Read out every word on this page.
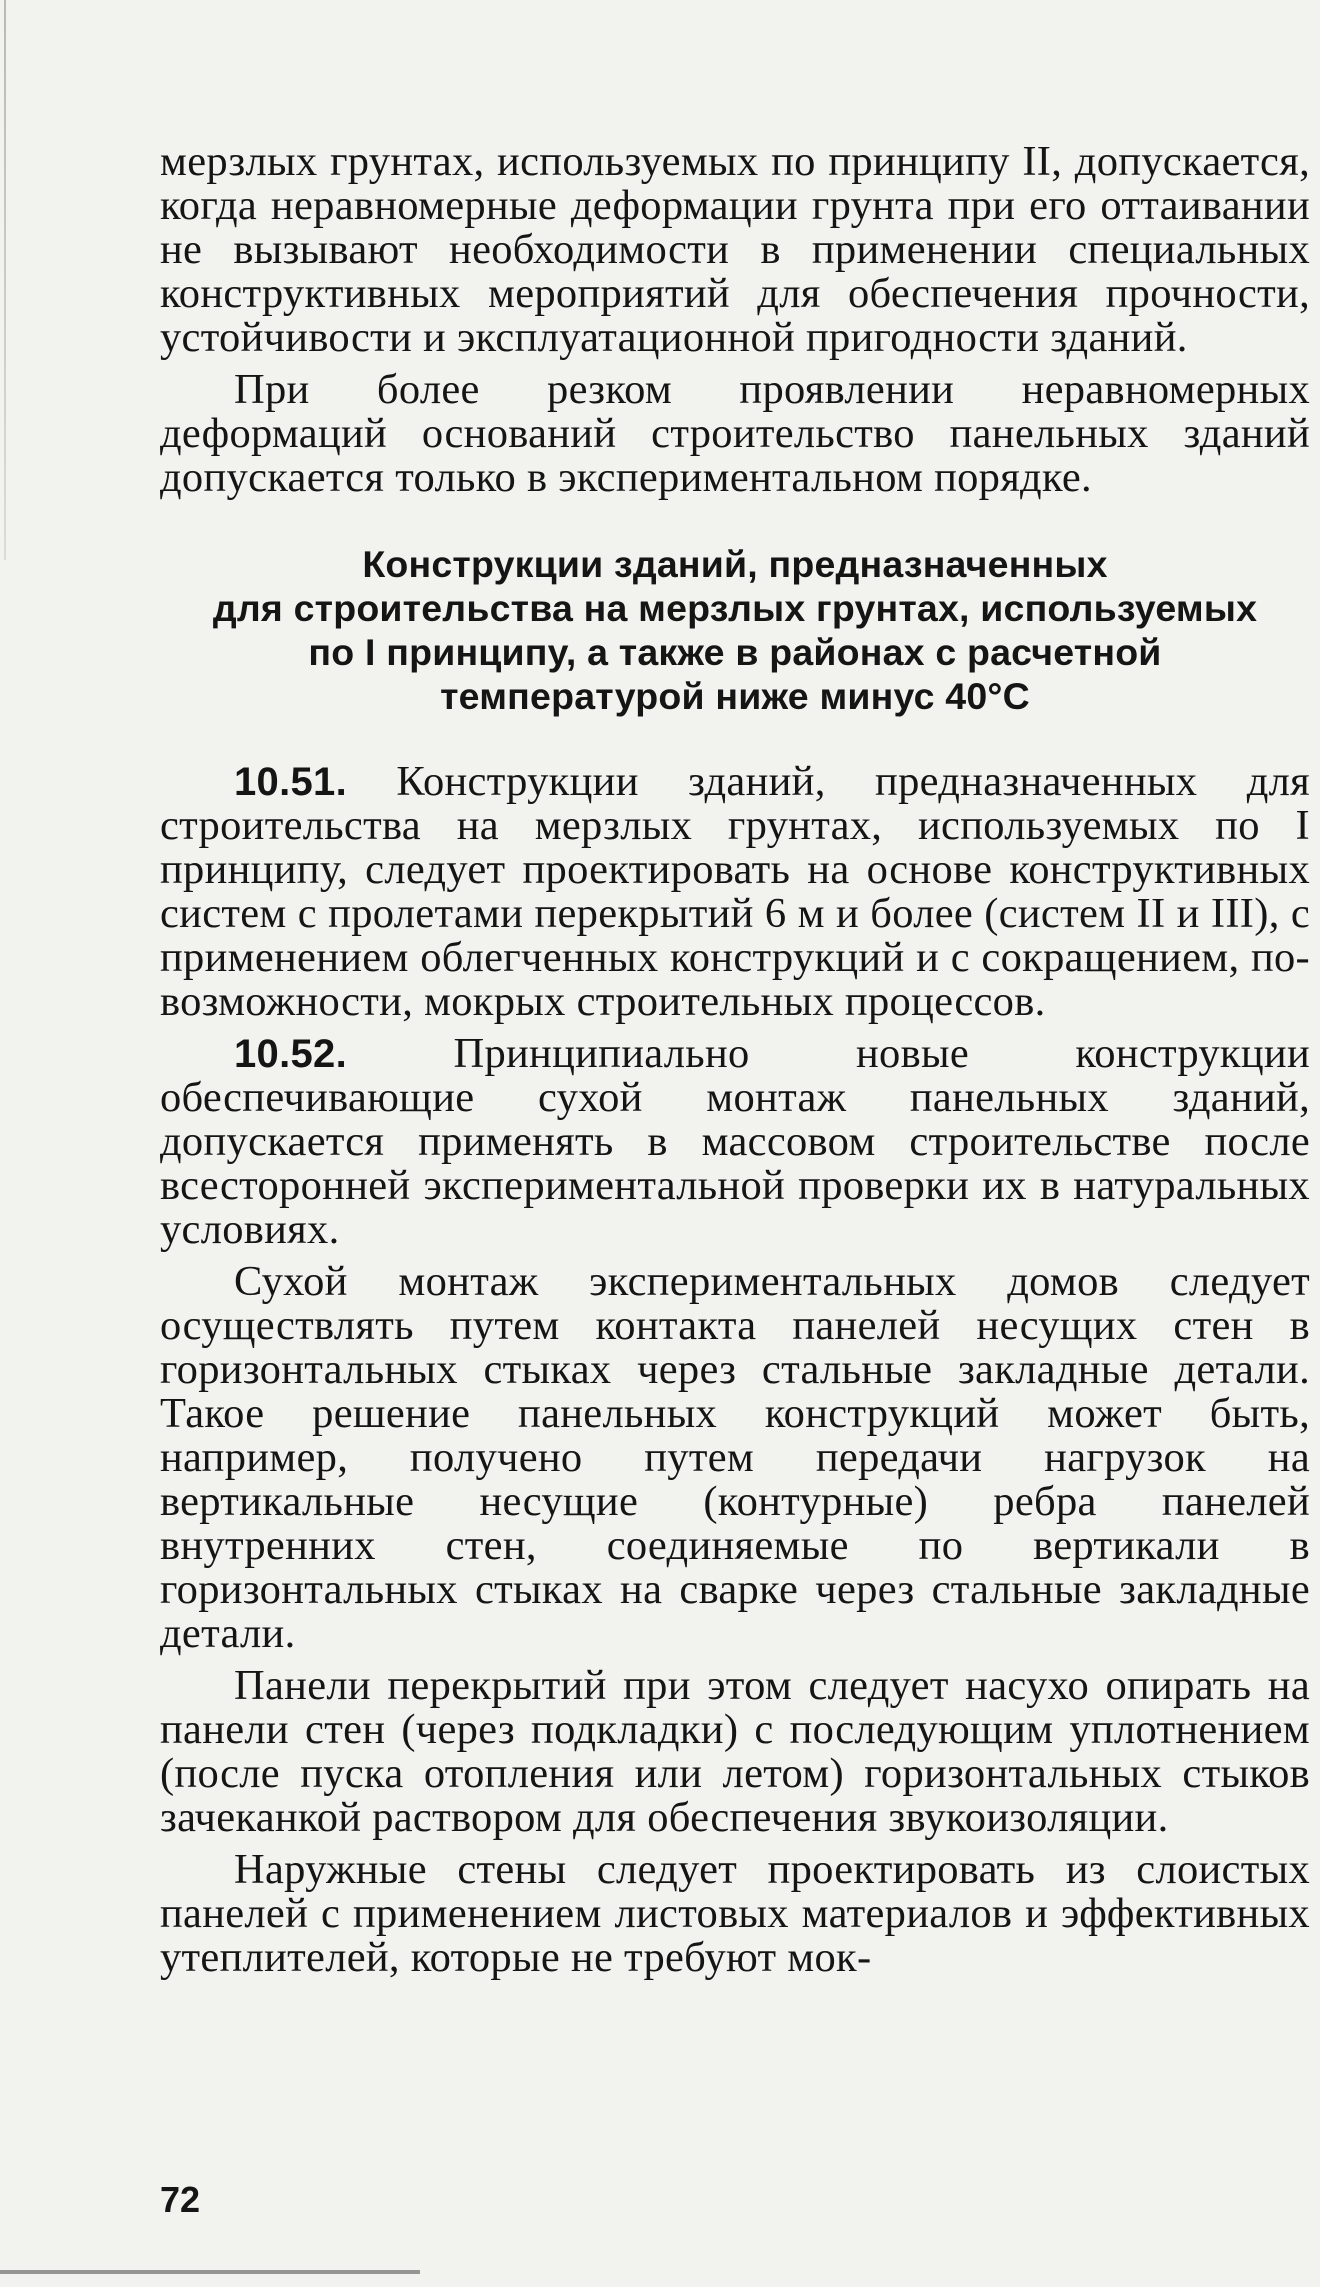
мерзлых грунтах, используемых по принципу II, допускается, когда неравномерные деформации грунта при его оттаивании не вызывают необходимости в применении специальных конструктивных мероприятий для обеспечения прочности, устойчивости и эксплуатационной пригодности зданий.

При более резком проявлении неравномерных деформаций оснований строительство панельных зданий допускается только в экспериментальном порядке.

Конструкции зданий, предназначенных
для строительства на мерзлых грунтах, используемых
по I принципу, а также в районах с расчетной
температурой ниже минус 40°С

10.51. Конструкции зданий, предназначенных для строительства на мерзлых грунтах, используемых по I принципу, следует проектировать на основе конструктивных систем с пролетами перекрытий 6 м и более (систем II и III), с применением облегченных конструкций и с сокращением, по-возможности, мокрых строительных процессов.

10.52. Принципиально новые конструкции обеспечивающие сухой монтаж панельных зданий, допускается применять в массовом строительстве после всесторонней экспериментальной проверки их в натуральных условиях.

Сухой монтаж экспериментальных домов следует осуществлять путем контакта панелей несущих стен в горизонтальных стыках через стальные закладные детали. Такое решение панельных конструкций может быть, например, получено путем передачи нагрузок на вертикальные несущие (контурные) ребра панелей внутренних стен, соединяемые по вертикали в горизонтальных стыках на сварке через стальные закладные детали.

Панели перекрытий при этом следует насухо опирать на панели стен (через подкладки) с последующим уплотнением (после пуска отопления или летом) горизонтальных стыков зачеканкой раствором для обеспечения звукоизоляции.

Наружные стены следует проектировать из слоистых панелей с применением листовых материалов и эффективных утеплителей, которые не требуют мок-

72
